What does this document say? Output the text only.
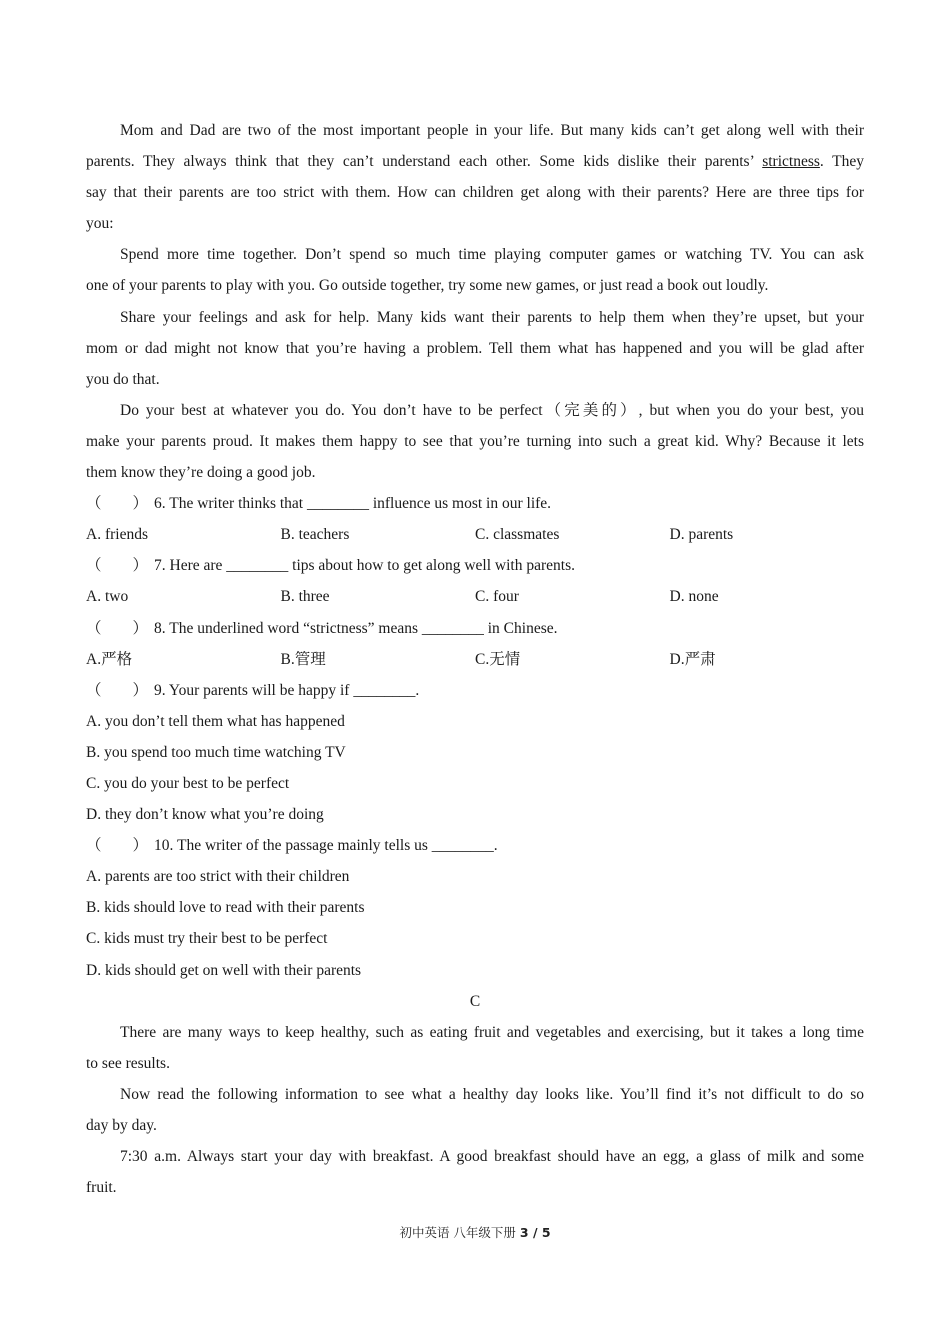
Mom and Dad are two of the most important people in your life. But many kids can’t get along well with their
parents. They always think that they can’t understand each other. Some kids dislike their parents’ strictness. They
say that their parents are too strict with them. How can children get along with their parents? Here are three tips for
you:
Spend more time together. Don’t spend so much time playing computer games or watching TV. You can ask
one of your parents to play with you. Go outside together, try some new games, or just read a book out loudly.
Share your feelings and ask for help. Many kids want their parents to help them when they’re upset, but your
mom or dad might not know that you’re having a problem. Tell them what has happened and you will be glad after
you do that.
Do your best at whatever you do. You don’t have to be perfect（完美的）, but when you do your best, you
make your parents proud. It makes them happy to see that you’re turning into such a great kid. Why? Because it lets
them know they’re doing a good job.
（　　） 6. The writer thinks that ________ influence us most in our life.
A. friends	B. teachers	C. classmates	D. parents
（　　） 7. Here are ________ tips about how to get along well with parents.
A. two	B. three	C. four	D. none
（　　） 8. The underlined word “strictness” means ________ in Chinese.
A.严格	B.管理	C.无情	D.严肃
（　　） 9. Your parents will be happy if ________.
A. you don’t tell them what has happened
B. you spend too much time watching TV
C. you do your best to be perfect
D. they don’t know what you’re doing
（　　） 10. The writer of the passage mainly tells us ________.
A. parents are too strict with their children
B. kids should love to read with their parents
C. kids must try their best to be perfect
D. kids should get on well with their parents
C
There are many ways to keep healthy, such as eating fruit and vegetables and exercising, but it takes a long time
to see results.
Now read the following information to see what a healthy day looks like. You’ll find it’s not difficult to do so
day by day.
7:30 a.m. Always start your day with breakfast. A good breakfast should have an egg, a glass of milk and some
fruit.
初中英语 八年级下册 3 / 5
